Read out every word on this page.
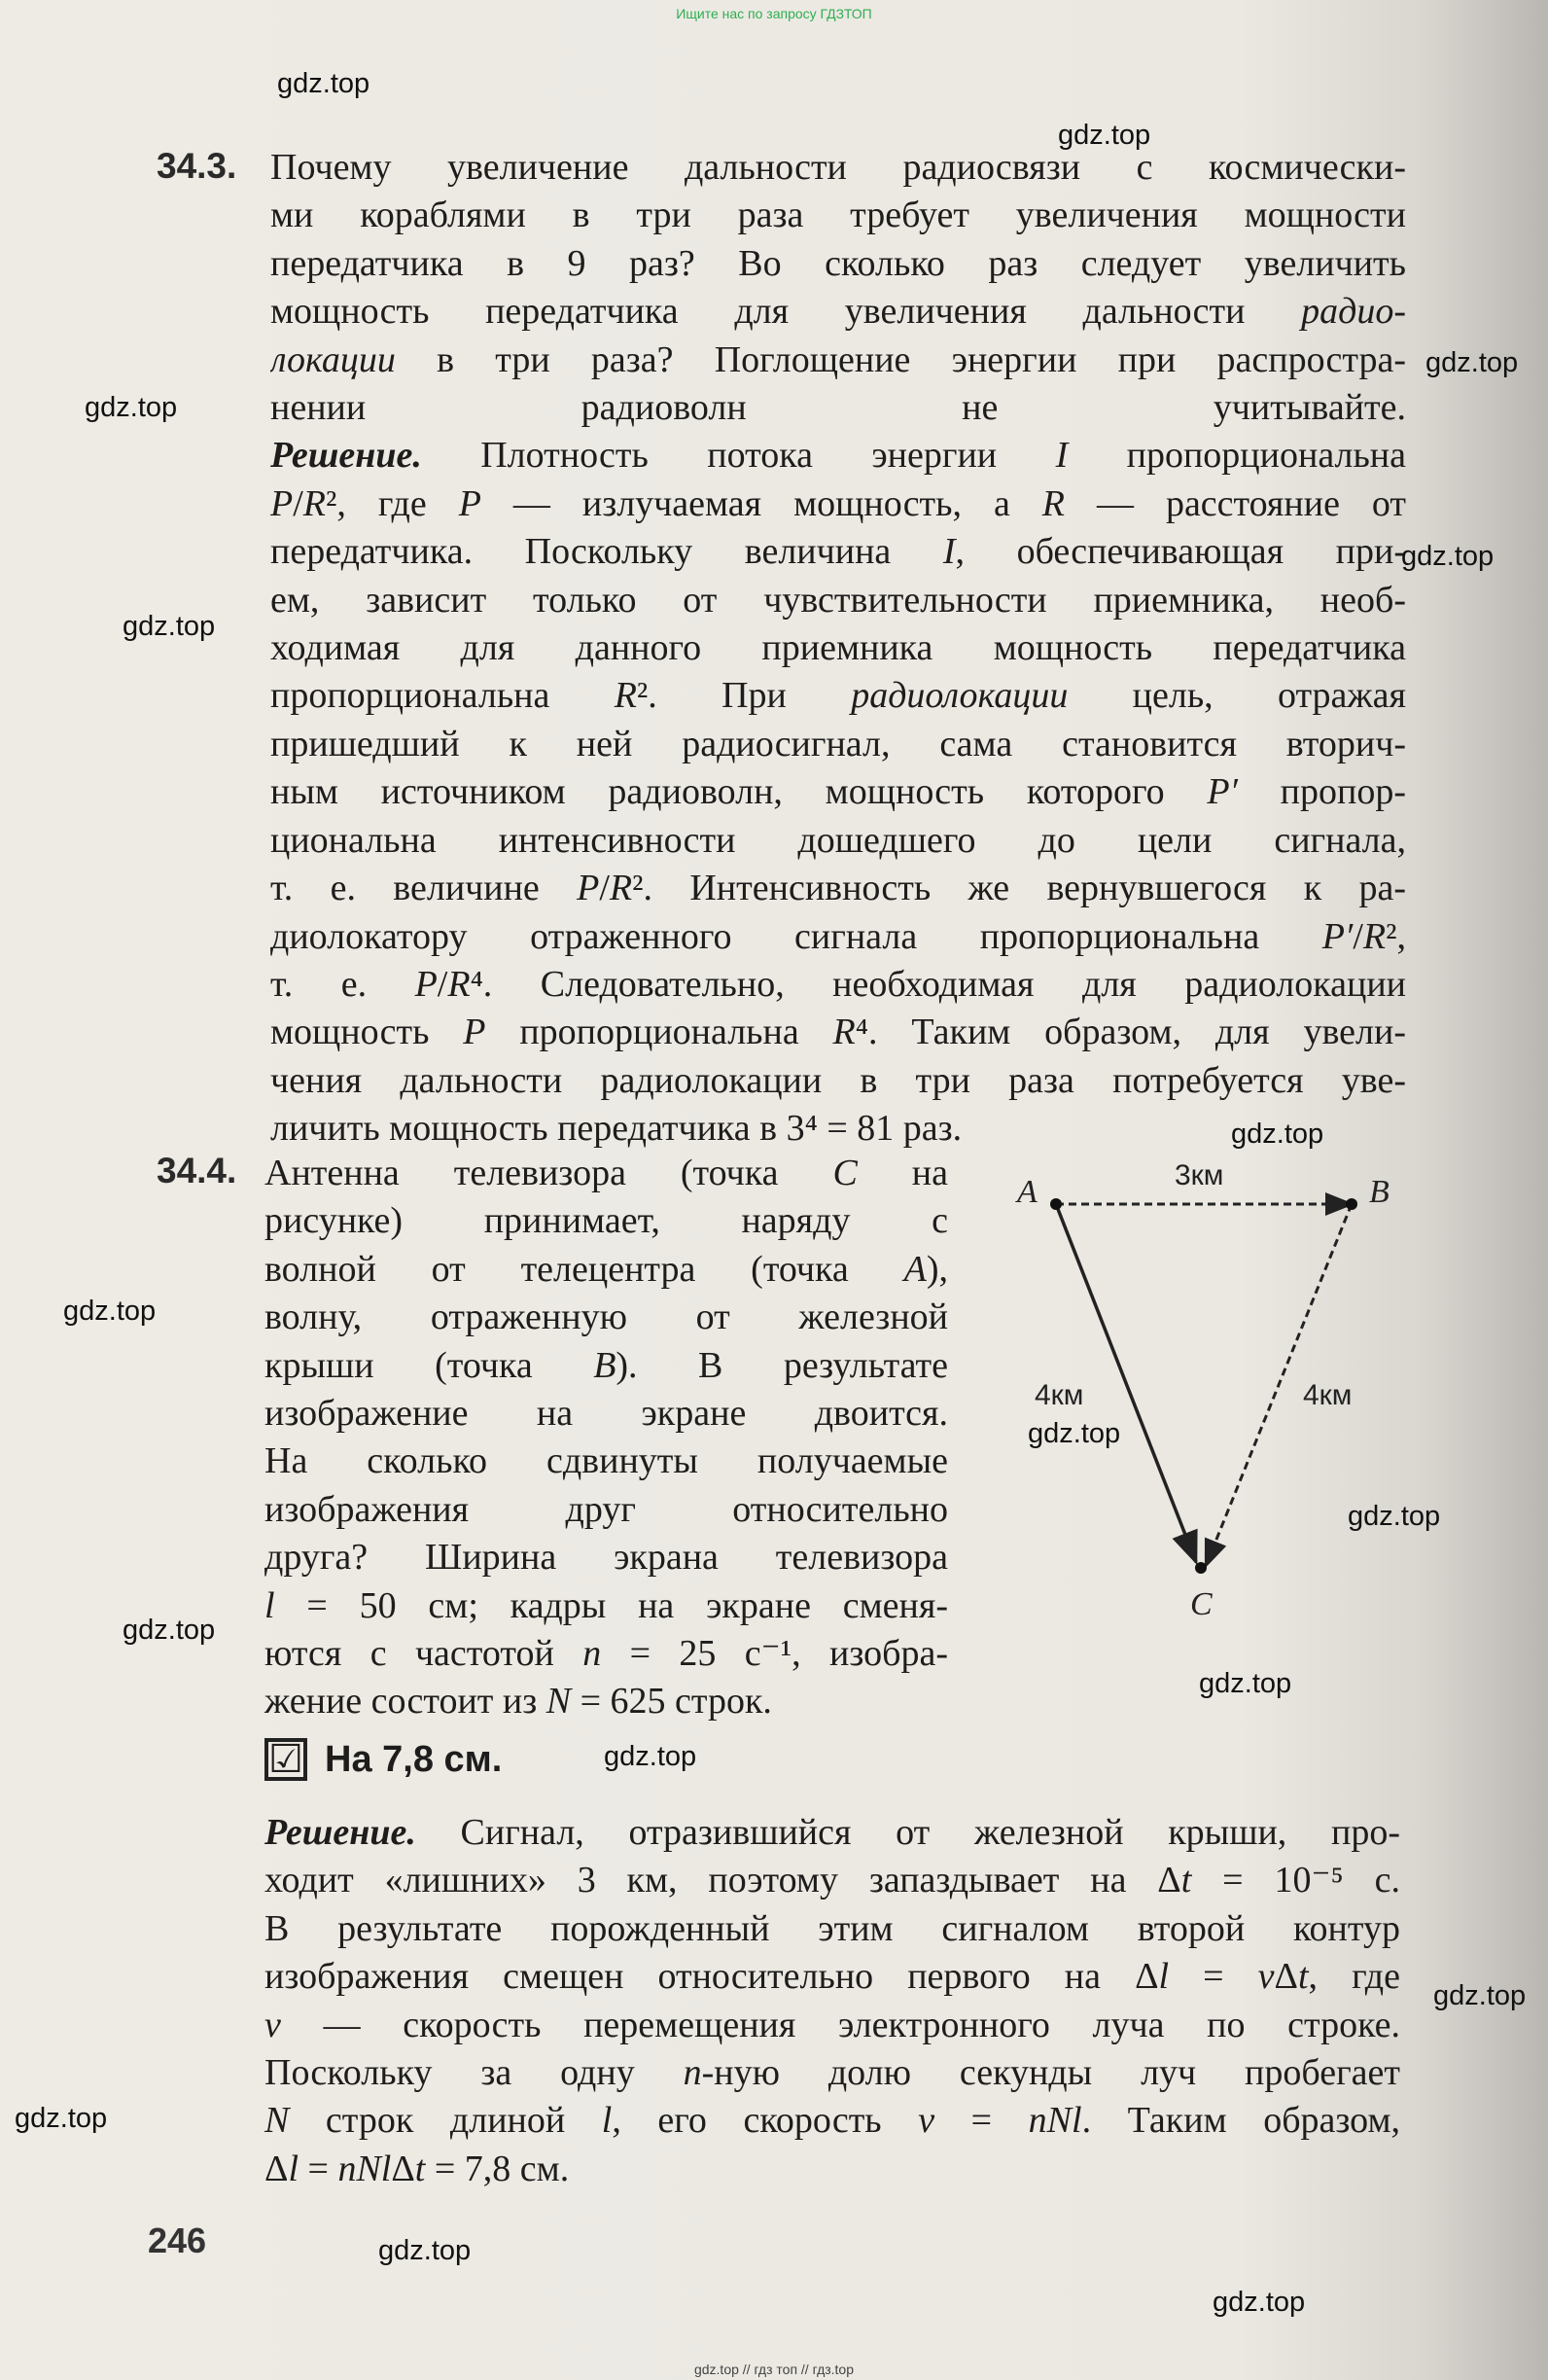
Ищите нас по запросу ГДЗТОП
34.3. Почему увеличение дальности радиосвязи с космически-
ми кораблями в три раза требует увеличения мощности
передатчика в 9 раз? Во сколько раз следует увеличить
мощность передатчика для увеличения дальности радио-
локации в три раза? Поглощение энергии при распростра-
нении радиоволн не учитывайте.
Решение. Плотность потока энергии I пропорциональна
P/R², где P — излучаемая мощность, а R — расстояние от
передатчика. Поскольку величина I, обеспечивающая при-
ем, зависит только от чувствительности приемника, необ-
ходимая для данного приемника мощность передатчика
пропорциональна R². При радиолокации цель, отражая
пришедший к ней радиосигнал, сама становится вторич-
ным источником радиоволн, мощность которого P′ пропор-
циональна интенсивности дошедшего до цели сигнала,
т. е. величине P/R². Интенсивность же вернувшегося к ра-
диолокатору отраженного сигнала пропорциональна P′/R²,
т. е. P/R⁴. Следовательно, необходимая для радиолокации
мощность P пропорциональна R⁴. Таким образом, для увели-
чения дальности радиолокации в три раза потребуется уве-
личить мощность передатчика в 3⁴ = 81 раз.
34.4. Антенна телевизора (точка C на
рисунке) принимает, наряду с
волной от телецентра (точка A),
волну, отраженную от железной
крыши (точка B). В результате
изображение на экране двоится.
На сколько сдвинуты получаемые
изображения друг относительно
друга? Ширина экрана телевизора
l = 50 см; кадры на экране сменя-
ются с частотой n = 25 с⁻¹, изобра-
жение состоит из N = 625 строк.
☑ На 7,8 см.
Решение. Сигнал, отразившийся от железной крыши, про-
ходит «лишних» 3 км, поэтому запаздывает на Δt = 10⁻⁵ с.
В результате порожденный этим сигналом второй контур
изображения смещен относительно первого на Δl = vΔt, где
v — скорость перемещения электронного луча по строке.
Поскольку за одну n-ную долю секунды луч пробегает
N строк длиной l, его скорость v = nNl. Таким образом,
Δl = nNlΔt = 7,8 см.
A	B
C
3км
4км	4км
gdz.top
gdz.top
gdz.top
gdz.top
gdz.top
gdz.top
gdz.top
gdz.top
gdz.top
gdz.top
gdz.top
gdz.top
gdz.top
gdz.top
gdz.top
gdz.top
gdz.top
246
gdz.top // гдз топ // гдз.top
